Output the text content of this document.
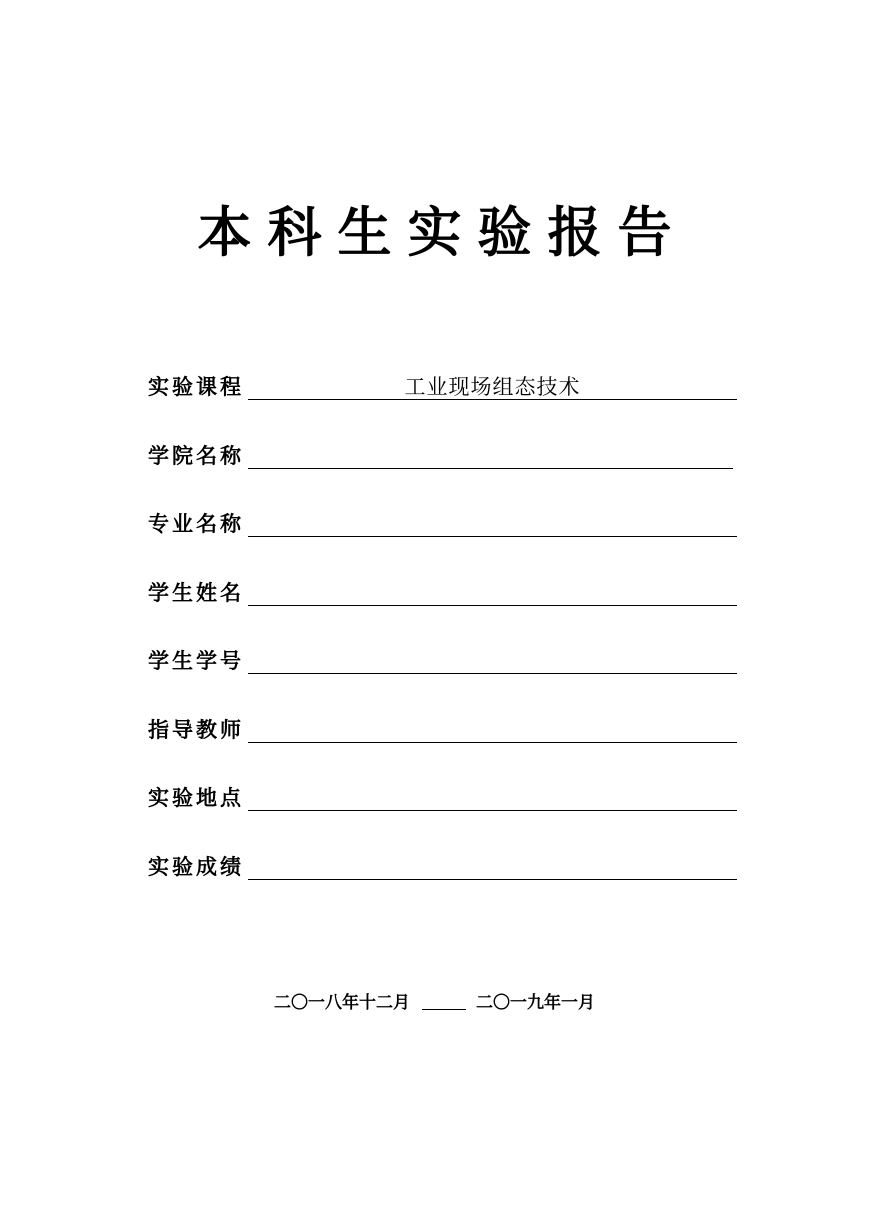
本科生实验报告
实验课程	工业现场组态技术
学院名称
专业名称
学生姓名
学生学号
指导教师
实验地点
实验成绩
二〇一八年十二月	二〇一九年一月
